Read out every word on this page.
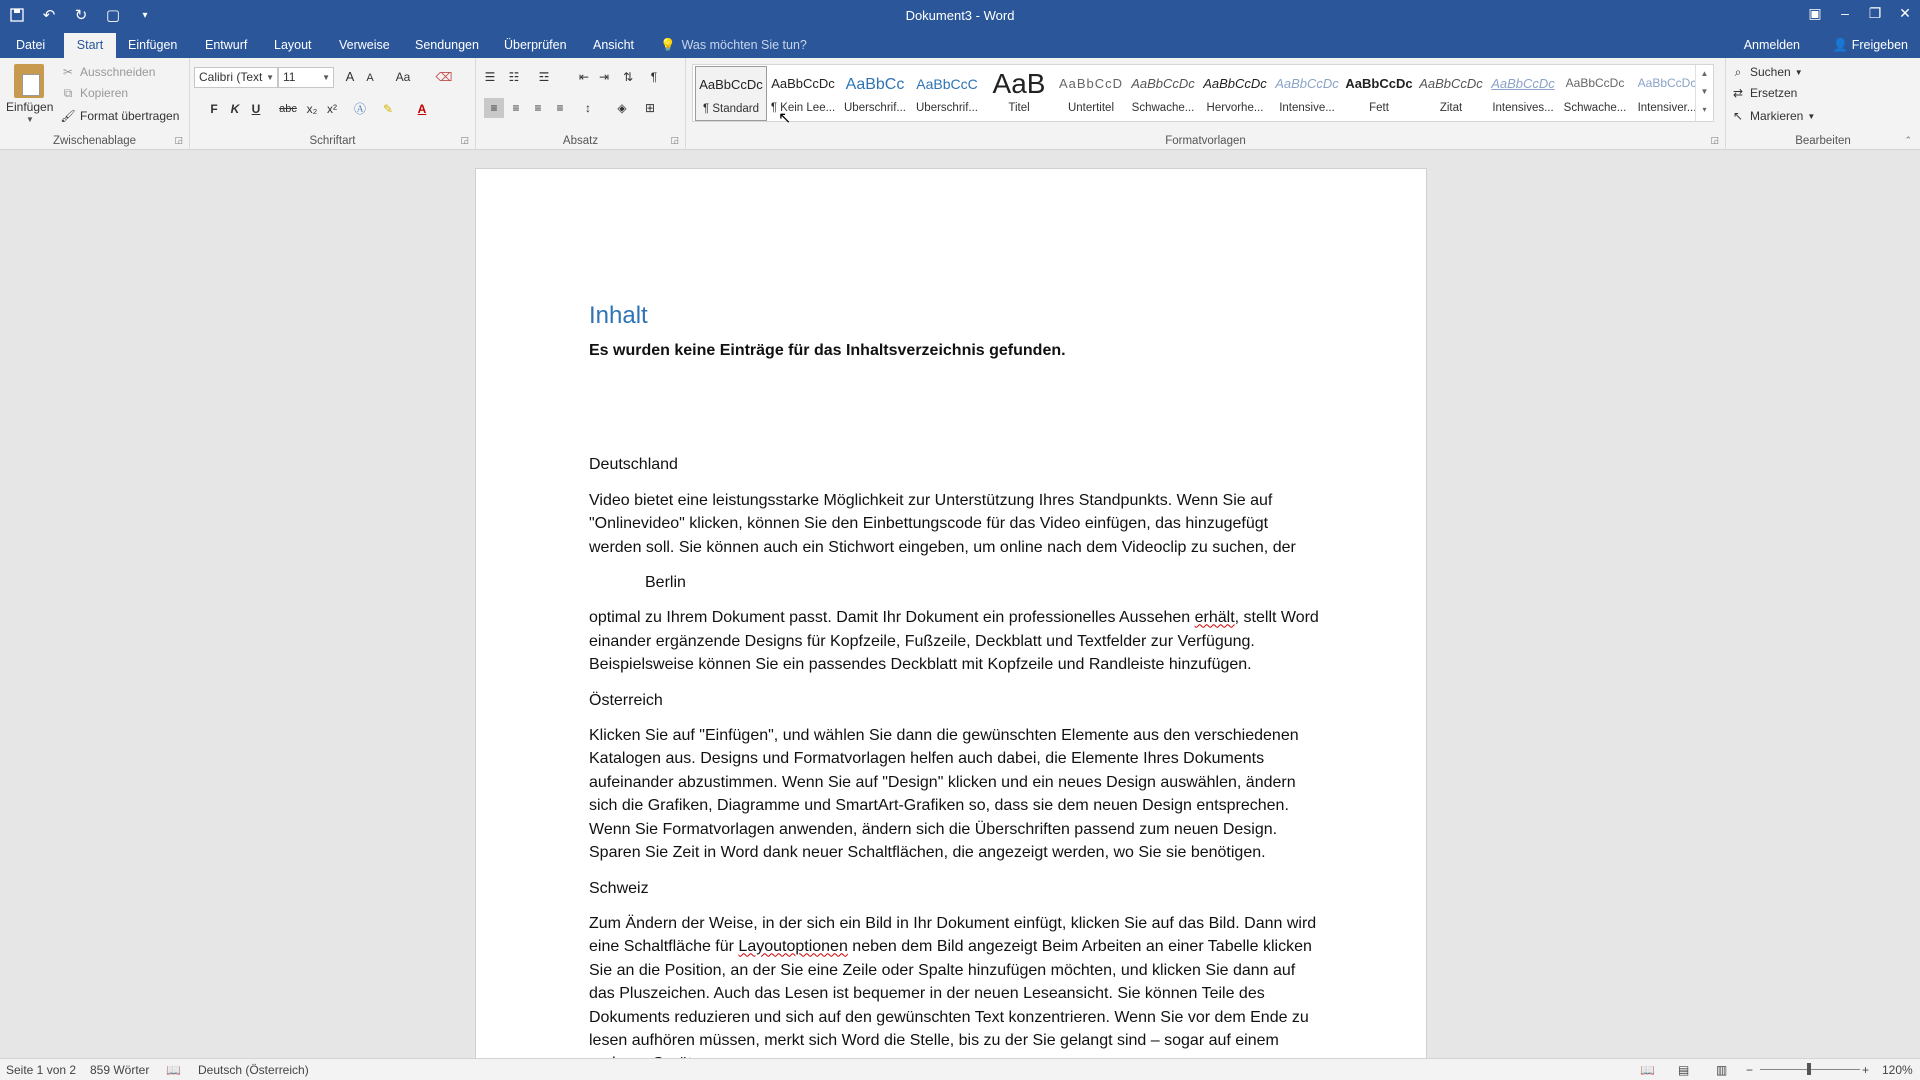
↶	↻	▢	▾	Dokument3 - Word	▣	–	❐	✕
Datei	Start	Einfügen	Entwurf	Layout	Verweise	Sendungen	Überprüfen	Ansicht	💡 Was möchten Sie tun?	Anmelden	👤 Freigeben
Einfügen
▼
✂ Ausschneiden
⧉ Kopieren
🖌 Format übertragen
Zwischenablage	◲
Calibri (Text ▼ 11	▼	A	A	Aa	⌫
F	K	U	abc x₂ x²	Ⓐ	✎	A
Schriftart	◲
☰	☷	☲	⇤ ⇥	⇅	¶
≡	≡	≡	≡	↕	◈	⊞
Absatz	◲
AaBbCcDc
¶ Standard
AaBbCcDc
¶ Kein Lee...
AaBbCc
Überschrif...
AaBbCcC
Überschrif...
AaB
Titel
AaBbCcD
Untertitel
AaBbCcDc
Schwache...
AaBbCcDc
Hervorhe...
AaBbCcDc
Intensive...
AaBbCcDc
Fett
AaBbCcDc
Zitat
AaBbCcDc
Intensives...
AaBbCcDc
Schwache...
AaBbCcDc
Intensiver...
▲
▼
▾
Formatvorlagen	◲
⌕ Suchen ▼
⇄ Ersetzen
↖ Markieren ▼
Bearbeiten	⌃
Inhalt
Es wurden keine Einträge für das Inhaltsverzeichnis gefunden.

Deutschland

Video bietet eine leistungsstarke Möglichkeit zur Unterstützung Ihres Standpunkts. Wenn Sie auf "Onlinevideo" klicken, können Sie den Einbettungscode für das Video einfügen, das hinzugefügt werden soll. Sie können auch ein Stichwort eingeben, um online nach dem Videoclip zu suchen, der

Berlin

optimal zu Ihrem Dokument passt. Damit Ihr Dokument ein professionelles Aussehen erhält, stellt Word einander ergänzende Designs für Kopfzeile, Fußzeile, Deckblatt und Textfelder zur Verfügung. Beispielsweise können Sie ein passendes Deckblatt mit Kopfzeile und Randleiste hinzufügen.

Österreich

Klicken Sie auf "Einfügen", und wählen Sie dann die gewünschten Elemente aus den verschiedenen Katalogen aus. Designs und Formatvorlagen helfen auch dabei, die Elemente Ihres Dokuments aufeinander abzustimmen. Wenn Sie auf "Design" klicken und ein neues Design auswählen, ändern sich die Grafiken, Diagramme und SmartArt-Grafiken so, dass sie dem neuen Design entsprechen. Wenn Sie Formatvorlagen anwenden, ändern sich die Überschriften passend zum neuen Design. Sparen Sie Zeit in Word dank neuer Schaltflächen, die angezeigt werden, wo Sie sie benötigen.

Schweiz

Zum Ändern der Weise, in der sich ein Bild in Ihr Dokument einfügt, klicken Sie auf das Bild. Dann wird eine Schaltfläche für Layoutoptionen neben dem Bild angezeigt Beim Arbeiten an einer Tabelle klicken Sie an die Position, an der Sie eine Zeile oder Spalte hinzufügen möchten, und klicken Sie dann auf das Pluszeichen. Auch das Lesen ist bequemer in der neuen Leseansicht. Sie können Teile des Dokuments reduzieren und sich auf den gewünschten Text konzentrieren. Wenn Sie vor dem Ende zu lesen aufhören müssen, merkt sich Word die Stelle, bis zu der Sie gelangt sind – sogar auf einem

↖
Seite 1 von 2 859 Wörter 📖 Deutsch (Österreich)	📖 ▤ ▥ −	+ 120%
